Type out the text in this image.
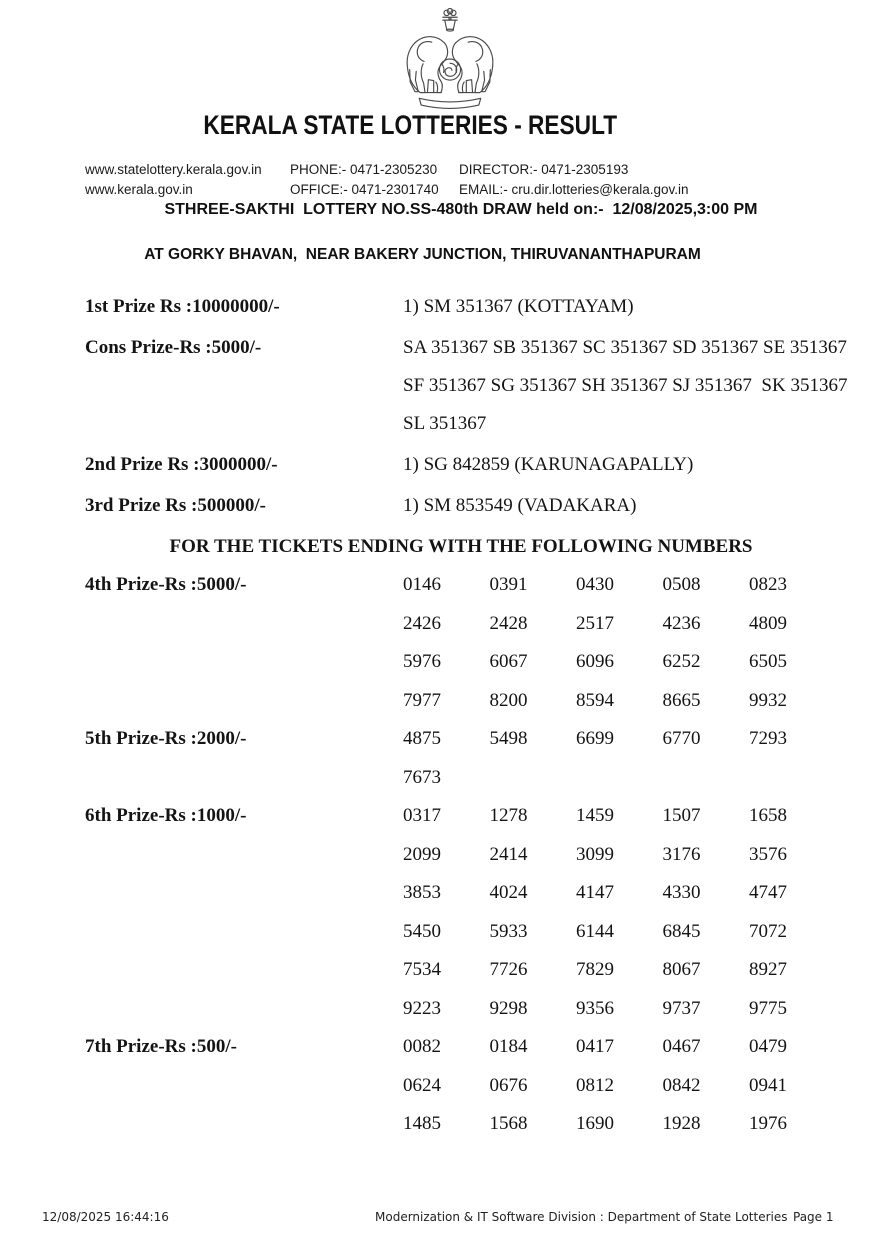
KERALA STATE LOTTERIES - RESULT
www.statelottery.kerala.gov.in	PHONE:- 0471-2305230	DIRECTOR:- 0471-2305193
www.kerala.gov.in	OFFICE:- 0471-2301740	EMAIL:- cru.dir.lotteries@kerala.gov.in
STHREE-SAKTHI  LOTTERY NO.SS-480th DRAW held on:-  12/08/2025,3:00 PM
AT GORKY BHAVAN,  NEAR BAKERY JUNCTION, THIRUVANANTHAPURAM
1st Prize Rs :10000000/-	1) SM 351367 (KOTTAYAM)
Cons Prize-Rs :5000/-	SA 351367 SB 351367 SC 351367 SD 351367 SE 351367
SF 351367 SG 351367 SH 351367 SJ 351367  SK 351367
SL 351367
2nd Prize Rs :3000000/-	1) SG 842859 (KARUNAGAPALLY)
3rd Prize Rs :500000/-	1) SM 853549 (VADAKARA)
FOR THE TICKETS ENDING WITH THE FOLLOWING NUMBERS
4th Prize-Rs :5000/-	0146	0391	0430	0508	0823
2426	2428	2517	4236	4809
5976	6067	6096	6252	6505
7977	8200	8594	8665	9932
5th Prize-Rs :2000/-	4875	5498	6699	6770	7293
7673
6th Prize-Rs :1000/-	0317	1278	1459	1507	1658
2099	2414	3099	3176	3576
3853	4024	4147	4330	4747
5450	5933	6144	6845	7072
7534	7726	7829	8067	8927
9223	9298	9356	9737	9775
7th Prize-Rs :500/-	0082	0184	0417	0467	0479
0624	0676	0812	0842	0941
1485	1568	1690	1928	1976
12/08/2025 16:44:16	Modernization & IT Software Division : Department of State Lotteries Page 1
